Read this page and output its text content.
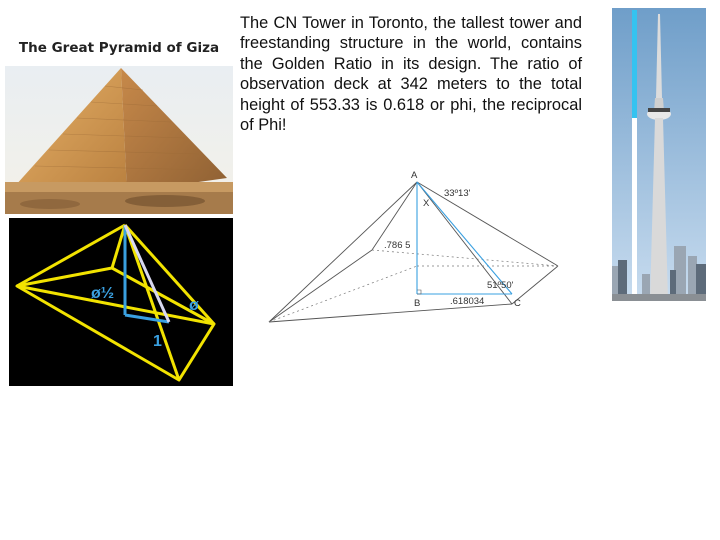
The Great Pyramid of Giza
ø½
ø
1
The CN Tower in Toronto, the tallest tower and freestanding structure in the world, contains the Golden Ratio in its design. The ratio of observation deck at 342 meters to the total height of 553.33 is 0.618 or phi, the reciprocal of Phi!
A
33º13'
X
.786 5
51º50'
B	.618034	C
